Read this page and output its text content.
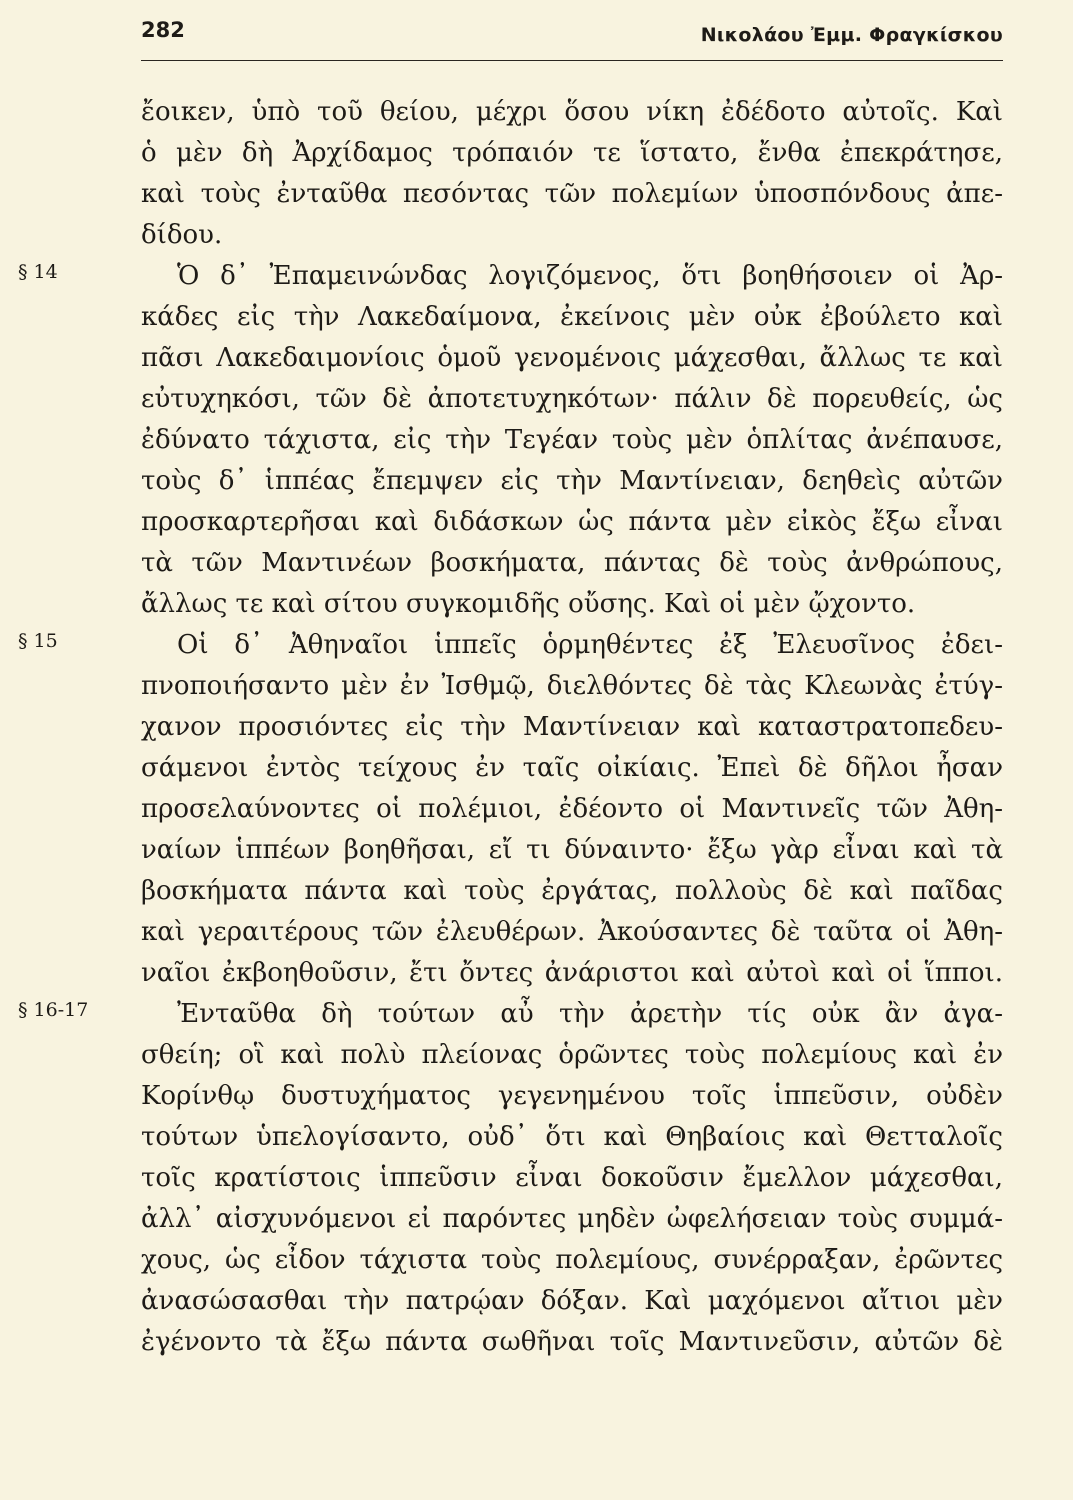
282	Νικολάου Ἐμμ. Φραγκίσκου
ἔοικεν, ὑπὸ τοῦ θείου, μέχρι ὅσου νίκη ἐδέδοτο αὐτοῖς. Καὶ
ὁ μὲν δὴ Ἀρχίδαμος τρόπαιόν τε ἵστατο, ἔνθα ἐπεκράτησε,
καὶ τοὺς ἐνταῦθα πεσόντας τῶν πολεμίων ὑποσπόνδους ἀπε-
δίδου.
§ 14	Ὁ δ᾽ Ἐπαμεινώνδας λογιζόμενος, ὅτι βοηθήσοιεν οἱ Ἀρ-
κάδες εἰς τὴν Λακεδαίμονα, ἐκείνοις μὲν οὐκ ἐβούλετο καὶ
πᾶσι Λακεδαιμονίοις ὁμοῦ γενομένοις μάχεσθαι, ἄλλως τε καὶ
εὐτυχηκόσι, τῶν δὲ ἀποτετυχηκότων· πάλιν δὲ πορευθείς, ὡς
ἐδύνατο τάχιστα, εἰς τὴν Τεγέαν τοὺς μὲν ὁπλίτας ἀνέπαυσε,
τοὺς δ᾽ ἱππέας ἔπεμψεν εἰς τὴν Μαντίνειαν, δεηθεὶς αὐτῶν
προσκαρτερῆσαι καὶ διδάσκων ὡς πάντα μὲν εἰκὸς ἔξω εἶναι
τὰ τῶν Μαντινέων βοσκήματα, πάντας δὲ τοὺς ἀνθρώπους,
ἄλλως τε καὶ σίτου συγκομιδῆς οὔσης. Καὶ οἱ μὲν ᾤχοντο.
§ 15	Οἱ δ᾽ Ἀθηναῖοι ἱππεῖς ὁρμηθέντες ἐξ Ἐλευσῖνος ἐδει-
πνοποιήσαντο μὲν ἐν Ἰσθμῷ, διελθόντες δὲ τὰς Κλεωνὰς ἐτύγ-
χανον προσιόντες εἰς τὴν Μαντίνειαν καὶ καταστρατοπεδευ-
σάμενοι ἐντὸς τείχους ἐν ταῖς οἰκίαις. Ἐπεὶ δὲ δῆλοι ἦσαν
προσελαύνοντες οἱ πολέμιοι, ἐδέοντο οἱ Μαντινεῖς τῶν Ἀθη-
ναίων ἱππέων βοηθῆσαι, εἴ τι δύναιντο· ἔξω γὰρ εἶναι καὶ τὰ
βοσκήματα πάντα καὶ τοὺς ἐργάτας, πολλοὺς δὲ καὶ παῖδας
καὶ γεραιτέρους τῶν ἐλευθέρων. Ἀκούσαντες δὲ ταῦτα οἱ Ἀθη-
ναῖοι ἐκβοηθοῦσιν, ἔτι ὄντες ἀνάριστοι καὶ αὐτοὶ καὶ οἱ ἵπποι.
§ 16-17	Ἐνταῦθα δὴ τούτων αὖ τὴν ἀρετὴν τίς οὐκ ἂν ἀγα-
σθείη; οἳ καὶ πολὺ πλείονας ὁρῶντες τοὺς πολεμίους καὶ ἐν
Κορίνθῳ δυστυχήματος γεγενημένου τοῖς ἱππεῦσιν, οὐδὲν
τούτων ὑπελογίσαντο, οὐδ᾽ ὅτι καὶ Θηβαίοις καὶ Θετταλοῖς
τοῖς κρατίστοις ἱππεῦσιν εἶναι δοκοῦσιν ἔμελλον μάχεσθαι,
ἀλλ᾽ αἰσχυνόμενοι εἰ παρόντες μηδὲν ὠφελήσειαν τοὺς συμμά-
χους, ὡς εἶδον τάχιστα τοὺς πολεμίους, συνέρραξαν, ἐρῶντες
ἀνασώσασθαι τὴν πατρῴαν δόξαν. Καὶ μαχόμενοι αἴτιοι μὲν
ἐγένοντο τὰ ἔξω πάντα σωθῆναι τοῖς Μαντινεῦσιν, αὐτῶν δὲ
